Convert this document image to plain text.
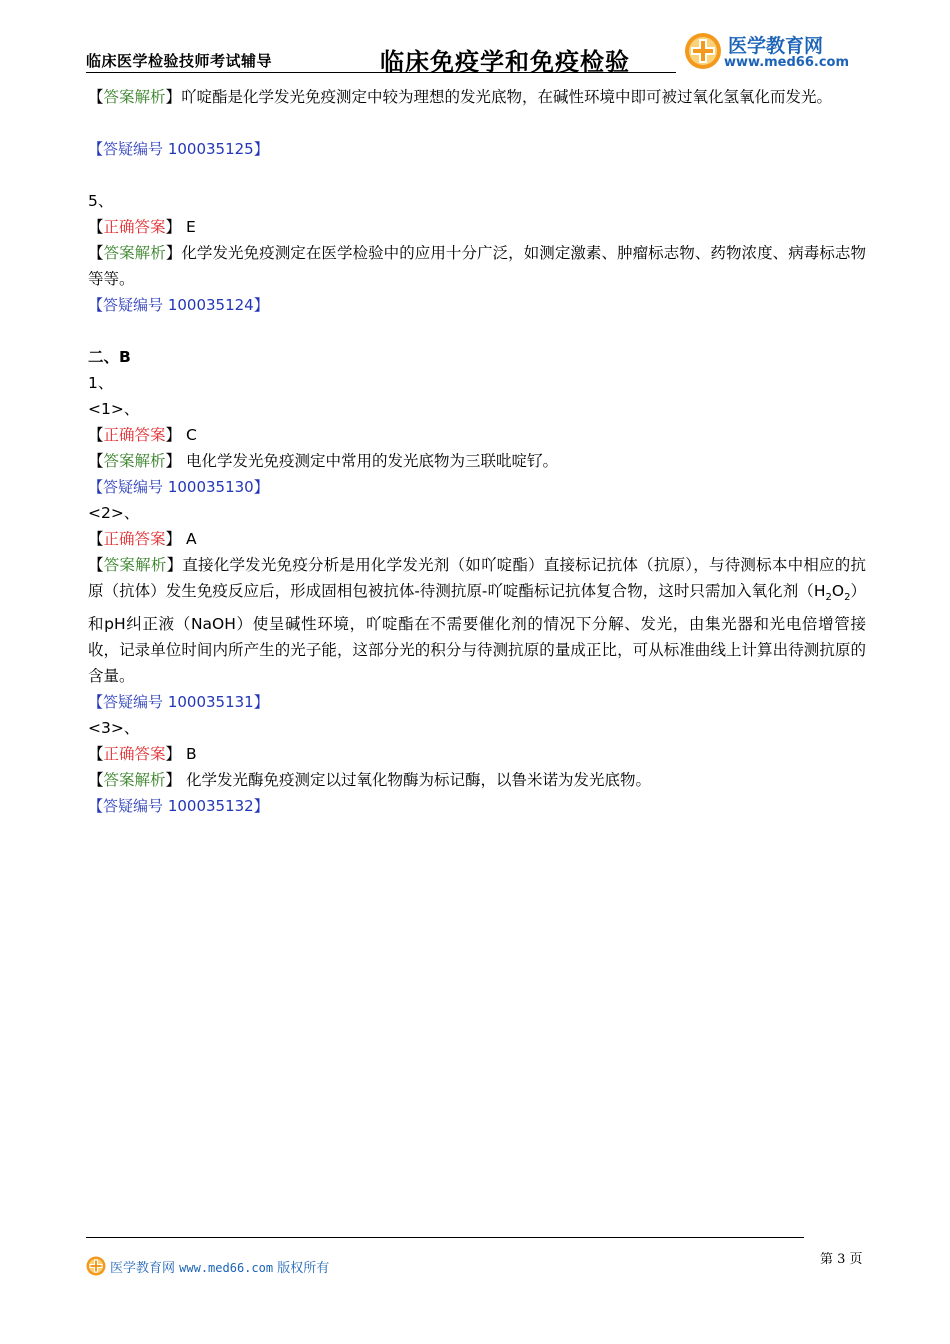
临床医学检验技师考试辅导	临床免疫学和免疫检验
医学教育网
www.med66.com
【答案解析】吖啶酯是化学发光免疫测定中较为理想的发光底物，在碱性环境中即可被过氧化氢氧化而发光。
【答疑编号 100035125】
5、
【正确答案】 E
【答案解析】化学发光免疫测定在医学检验中的应用十分广泛，如测定激素、肿瘤标志物、药物浓度、病毒标志物等等。
【答疑编号 100035124】
二、B
1、
<1>、
【正确答案】 C
【答案解析】 电化学发光免疫测定中常用的发光底物为三联吡啶钌。
【答疑编号 100035130】
<2>、
【正确答案】 A
【答案解析】直接化学发光免疫分析是用化学发光剂（如吖啶酯）直接标记抗体（抗原），与待测标本中相应的抗原（抗体）发生免疫反应后，形成固相包被抗体-待测抗原-吖啶酯标记抗体复合物，这时只需加入氧化剂$(H_2O_2)$和pH纠正液（NaOH）使呈碱性环境，吖啶酯在不需要催化剂的情况下分解、发光，由集光器和光电倍增管接收，记录单位时间内所产生的光子能，这部分光的积分与待测抗原的量成正比，可从标准曲线上计算出待测抗原的含量。
【答疑编号 100035131】
<3>、
【正确答案】 B
【答案解析】 化学发光酶免疫测定以过氧化物酶为标记酶，以鲁米诺为发光底物。
【答疑编号 100035132】
第 3 页
医学教育网 www.med66.com 版权所有
